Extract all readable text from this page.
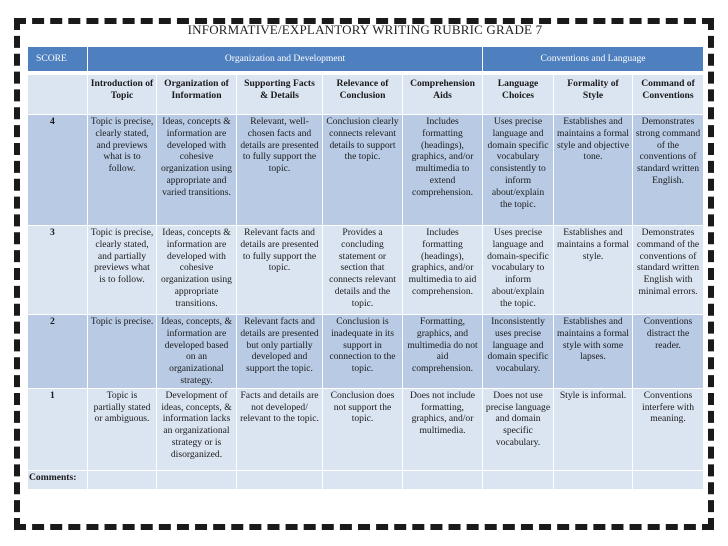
INFORMATIVE/EXPLANTORY WRITING RUBRIC GRADE 7
SCORE	Organization and Development					Conventions and Language		
	Introduction of Topic	Organization of Information	Supporting Facts & Details	Relevance of Conclusion	Comprehension Aids	Language Choices	Formality of Style	Command of Conventions
4	Topic is precise, clearly stated, and previews what is to follow.	Ideas, concepts & information are developed with cohesive organization using appropriate and varied transitions.	Relevant, well-chosen facts and details are presented to fully support the topic.	Conclusion clearly connects relevant details to support the topic.	Includes formatting (headings), graphics, and/or multimedia to extend comprehension.	Uses precise language and domain specific vocabulary consistently to inform about/explain the topic.	Establishes and maintains a formal style and objective tone.	Demonstrates strong command of the conventions of standard written English.
3	Topic is precise, clearly stated, and partially previews what is to follow.	Ideas, concepts & information are developed with cohesive organization using appropriate transitions.	Relevant facts and details are presented to fully support the topic.	Provides a concluding statement or section that connects relevant details and the topic.	Includes formatting (headings), graphics, and/or multimedia to aid comprehension.	Uses precise language and domain-specific vocabulary to inform about/explain the topic.	Establishes and maintains a formal style.	Demonstrates command of the conventions of standard written English with minimal errors.
2	Topic is precise.	Ideas, concepts, & information are developed based on an organizational strategy.	Relevant facts and details are presented but only partially developed and support the topic.	Conclusion is inadequate in its support in connection to the topic.	Formatting, graphics, and multimedia do not aid comprehension.	Inconsistently uses precise language and domain specific vocabulary.	Establishes and maintains a formal style with some lapses.	Conventions distract the reader.
1	Topic is partially stated or ambiguous.	Development of ideas, concepts, & information lacks an organizational strategy or is disorganized.	Facts and details are not developed/ relevant to the topic.	Conclusion does not support the topic.	Does not include formatting, graphics, and/or multimedia.	Does not use precise language and domain specific vocabulary.	Style is informal.	Conventions interfere with meaning.
Comments:								
